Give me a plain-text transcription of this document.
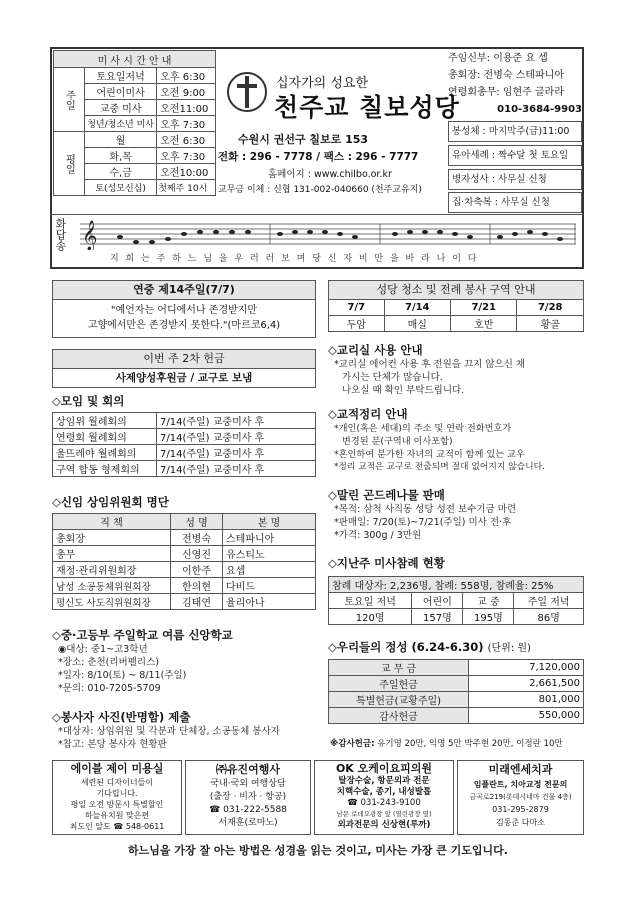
미 사 시 간 안 내		
주일	토요일저녁	오후 6:30
	어린이미사	오전 9:00
	교중 미사	오전11:00
	청년/청소년 미사	오후 7:30
평일	월	오전 6:30
	화,목	오후 7:30
	수,금	오전10:00
	토(성모신심)	첫째주 10시
십자가의 성요한
천주교 칠보성당
수원시 권선구 칠보로 153
전화 : 296 - 7778 / 팩스 : 296 - 7777
홈페이지 : www.chilbo.or.kr
교무금 이체 : 신협 131-002-040660 (천주교유지)
주임신부: 이용준 요 셉
총회장: 전병숙 스테파니아
연령회총무: 임현주 글라라
010-3684-9903
봉성체 : 마지막주(금)11:00
유아세례 : 짝수달 첫 토요일
병자성사 : 사무실 신청
집·차축복 : 사무실 신청
화답송 𝄞
지 희 는 주 하 느 님 을 우 러 러 보 며 당 신 자 비 만 을 바 라 나 이 다
연중 제14주일(7/7)
"예언자는 어디에서나 존경받지만
고향에서만은 존경받지 못한다."(마르코6,4)
이번 주 2차 헌금
사제양성후원금 / 교구로 보냄
◇모임 및 회의
상임위 월례회의	7/14(주일) 교중미사 후
연령회 월례회의	7/14(주일) 교중미사 후
울뜨레야 월례회의	7/14(주일) 교중미사 후
구역 합동 형제회의	7/14(주일) 교중미사 후
◇신임 상임위원회 명단
직 책	성 명	본 명
총회장	전병숙	스테파니아
총무	신영진	유스티노
재정·관리위원회장	이한주	요셉
남성 소공동체위원회장	한의현	다비드
평신도 사도직위원회장	김태연	율리아나
◇중·고등부 주일학교 여름 신앙학교
◉대상: 중1~고3학년
*장소: 춘천(리버펠리스)
*일자: 8/10(토) ~ 8/11(주일)
*문의: 010-7205-5709
◇봉사자 사진(반명함) 제출
*대상자: 상임위원 및 각분과 단체장, 소공동체 봉사자
*참고: 본당 봉사자 현황판
성당 청소 및 전례 봉사 구역 안내
7/7	7/14	7/21	7/28
두암	매실	호반	황골
◇교리실 사용 안내
*교리실 에어컨 사용 후 전원을 끄지 않으신 채
가시는 단체가 많습니다.
나오실 때 확인 부탁드립니다.
◇교적정리 안내
*개인(혹은 세대)의 주소 및 연락 전화번호가
변경된 분(구역내 이사포함)
*혼인하여 분가한 자녀의 교적이 함께 있는 교우
*정리 교적은 교구로 전출되며 절대 없어지지 않습니다.
◇말린 곤드레나물 판매
*목적: 삼척 사직동 성당 성전 보수기금 마련
*판매일: 7/20(토)~7/21(주일) 미사 전·후
*가격: 300g / 3만원
◇지난주 미사참례 현황
참례 대상자: 2,236명, 참례: 558명, 참례율: 25%			
토요일 저녁	어린이	교 중	주일 저녁
120명	157명	195명	86명
◇우리들의 정성 (6.24-6.30) (단위: 원)
교 무 금	7,120,000
주일헌금	2,661,500
특별헌금(교황주일)	801,000
감사헌금	550,000
※감사헌금: 유기명 20만, 익명 5만 박주현 20만, 이정란 10만
에이블 제이 미용실
세련된 디자이너들이
기다립니다.
평일 오전 방문시 특별할인
하늘유치원 맞은편
최도인 알도 ☎ 548-0611
㈜유진여행사
국내·국외 여행상담
(출장 · 비자 · 항공)
☎ 031-222-5588
서재훈(로마노)
OK 오케이요피의원
탈장수술, 항문외과 전문
치핵수술, 종기, 내성발톱
☎ 031-243-9100
남문 로데오광장 앞 (열린광장 옆)
외과전문의 신상현(루까)
미래엔세치과
임플란트, 치아교정 전문의
금곡로219(롯데시네마 건물 4층)
031-295-2879
김동준 다마소
하느님을 가장 잘 아는 방법은 성경을 읽는 것이고, 미사는 가장 큰 기도입니다.
